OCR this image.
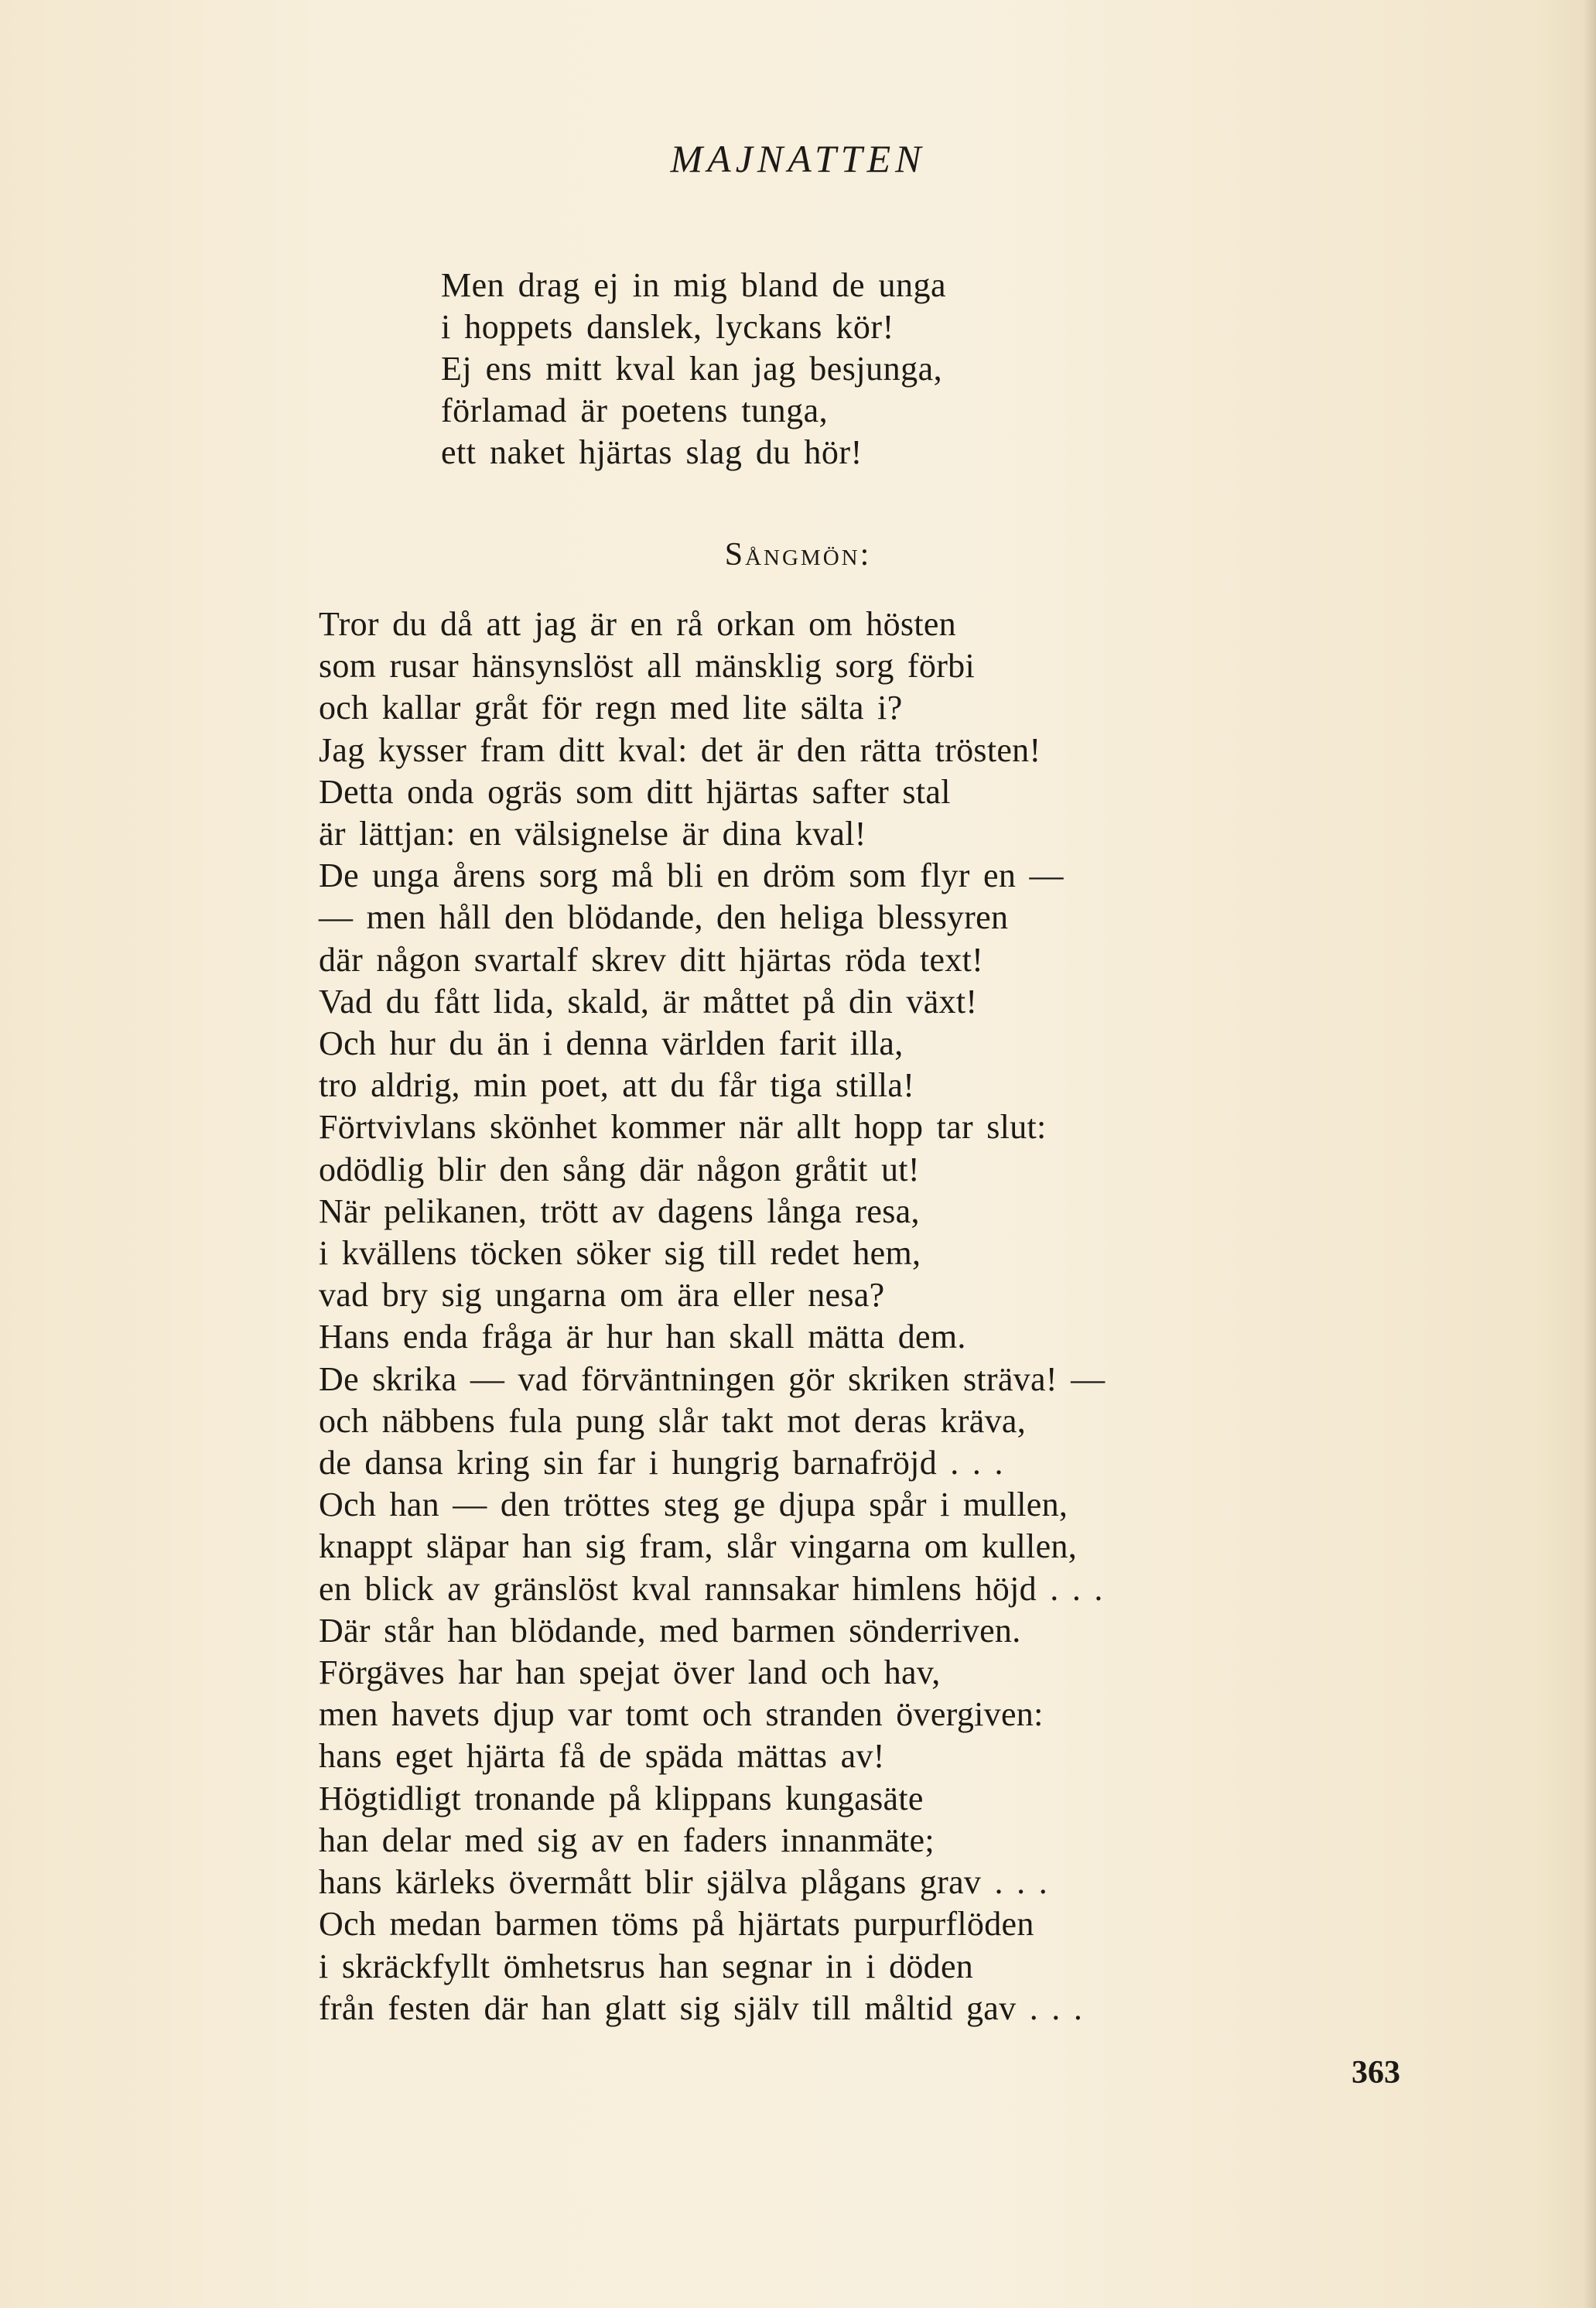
MAJNATTEN
Men drag ej in mig bland de unga
i hoppets danslek, lyckans kör!
Ej ens mitt kval kan jag besjunga,
förlamad är poetens tunga,
ett naket hjärtas slag du hör!
Sångmön:
Tror du då att jag är en rå orkan om hösten
som rusar hänsynslöst all mänsklig sorg förbi
och kallar gråt för regn med lite sälta i?
Jag kysser fram ditt kval: det är den rätta trösten!
Detta onda ogräs som ditt hjärtas safter stal
är lättjan: en välsignelse är dina kval!
De unga årens sorg må bli en dröm som flyr en —
— men håll den blödande, den heliga blessyren
där någon svartalf skrev ditt hjärtas röda text!
Vad du fått lida, skald, är måttet på din växt!
Och hur du än i denna världen farit illa,
tro aldrig, min poet, att du får tiga stilla!
Förtvivlans skönhet kommer när allt hopp tar slut:
odödlig blir den sång där någon gråtit ut!
När pelikanen, trött av dagens långa resa,
i kvällens töcken söker sig till redet hem,
vad bry sig ungarna om ära eller nesa?
Hans enda fråga är hur han skall mätta dem.
De skrika — vad förväntningen gör skriken sträva! —
och näbbens fula pung slår takt mot deras kräva,
de dansa kring sin far i hungrig barnafröjd . . .
Och han — den tröttes steg ge djupa spår i mullen,
knappt släpar han sig fram, slår vingarna om kullen,
en blick av gränslöst kval rannsakar himlens höjd . . .
Där står han blödande, med barmen sönderriven.
Förgäves har han spejat över land och hav,
men havets djup var tomt och stranden övergiven:
hans eget hjärta få de späda mättas av!
Högtidligt tronande på klippans kungasäte
han delar med sig av en faders innanmäte;
hans kärleks övermått blir själva plågans grav . . .
Och medan barmen töms på hjärtats purpurflöden
i skräckfyllt ömhetsrus han segnar in i döden
från festen där han glatt sig själv till måltid gav . . .
363
